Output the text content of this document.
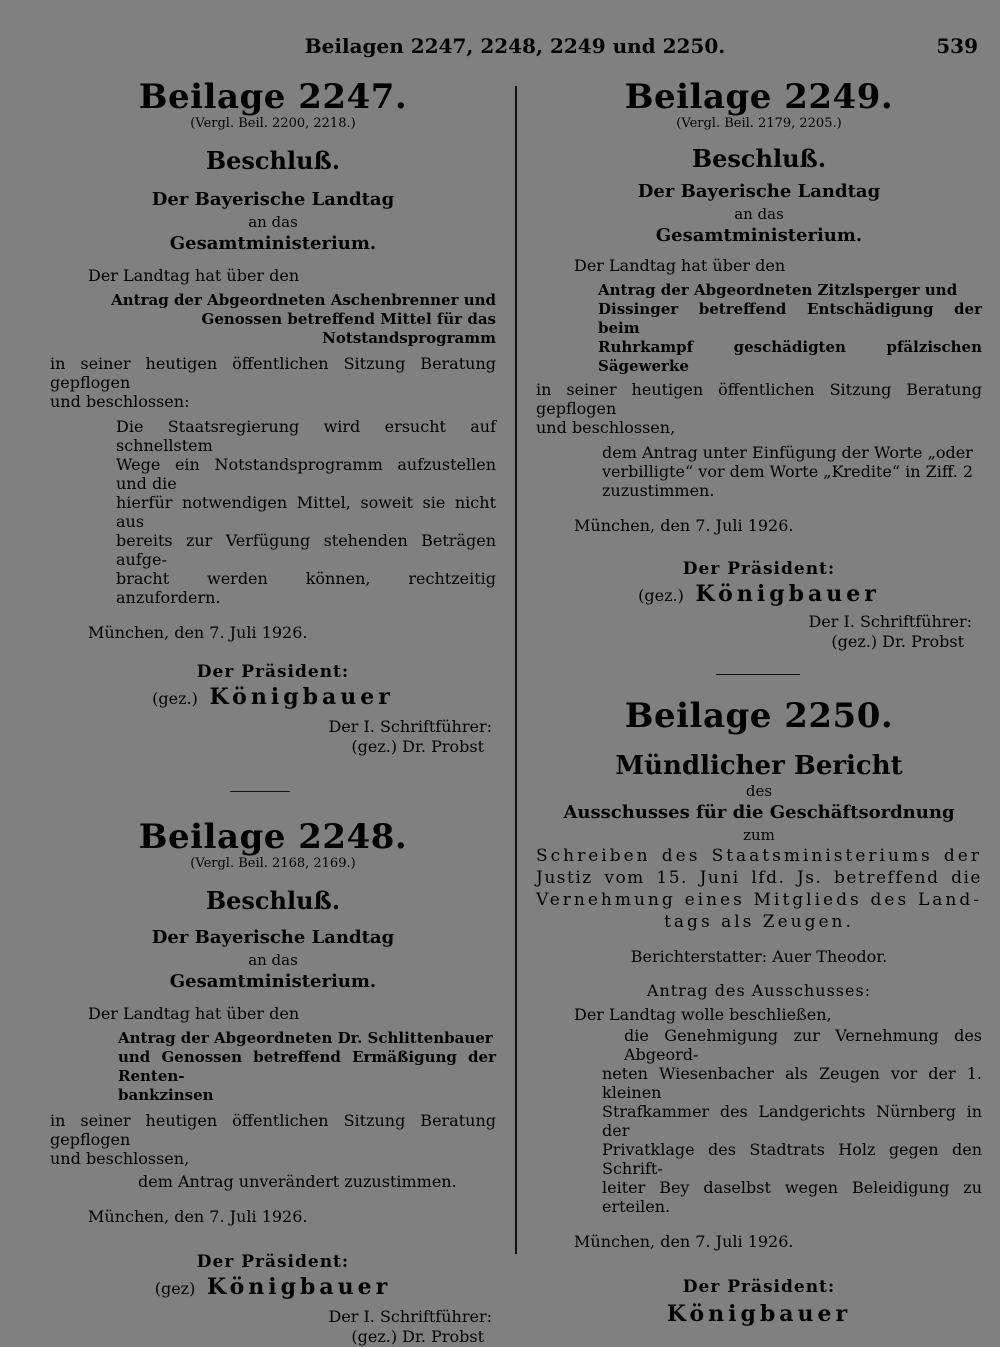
Beilagen 2247, 2248, 2249 und 2250.	539
Beilage 2247.
(Vergl. Beil. 2200, 2218.)
Beschluß.
Der Bayerische Landtag
an das
Gesamtministerium.
Der Landtag hat über den
Antrag der Abgeordneten Aschenbrenner und
Genossen betreffend Mittel für das Notstandsprogramm
in seiner heutigen öffentlichen Sitzung Beratung gepflogen
und beschlossen:
Die Staatsregierung wird ersucht auf schnellstem
Wege ein Notstandsprogramm aufzustellen und die
hierfür notwendigen Mittel, soweit sie nicht aus
bereits zur Verfügung stehenden Beträgen aufge-
bracht werden können, rechtzeitig anzufordern.
München, den 7. Juli 1926.
Der Präsident:
(gez.) Königbauer
Der I. Schriftführer:
(gez.) Dr. Probst
Beilage 2248.
(Vergl. Beil. 2168, 2169.)
Beschluß.
Der Bayerische Landtag
an das
Gesamtministerium.
Der Landtag hat über den
Antrag der Abgeordneten Dr. Schlittenbauer
und Genossen betreffend Ermäßigung der Renten-
bankzinsen
in seiner heutigen öffentlichen Sitzung Beratung gepflogen
und beschlossen,
dem Antrag unverändert zuzustimmen.
München, den 7. Juli 1926.
Der Präsident:
(gez) Königbauer
Der I. Schriftführer:
(gez.) Dr. Probst
Beilage 2249.
(Vergl. Beil. 2179, 2205.)
Beschluß.
Der Bayerische Landtag
an das
Gesamtministerium.
Der Landtag hat über den
Antrag der Abgeordneten Zitzlsperger und
Dissinger betreffend Entschädigung der beim
Ruhrkampf geschädigten pfälzischen Sägewerke
in seiner heutigen öffentlichen Sitzung Beratung gepflogen
und beschlossen,
dem Antrag unter Einfügung der Worte „oder
verbilligte“ vor dem Worte „Kredite“ in Ziff. 2
zuzustimmen.
München, den 7. Juli 1926.
Der Präsident:
(gez.) Königbauer
Der I. Schriftführer:
(gez.) Dr. Probst
Beilage 2250.
Mündlicher Bericht
des
Ausschusses für die Geschäftsordnung
zum
Schreiben des Staatsministeriums der
Justiz vom 15. Juni lfd. Js. betreffend die
Vernehmung eines Mitglieds des Land-
tags als Zeugen.
Berichterstatter: Auer Theodor.
Antrag des Ausschusses:
Der Landtag wolle beschließen,
die Genehmigung zur Vernehmung des Abgeord-
neten Wiesenbacher als Zeugen vor der 1. kleinen
Strafkammer des Landgerichts Nürnberg in der
Privatklage des Stadtrats Holz gegen den Schrift-
leiter Bey daselbst wegen Beleidigung zu erteilen.
München, den 7. Juli 1926.
Der Präsident:
Königbauer
